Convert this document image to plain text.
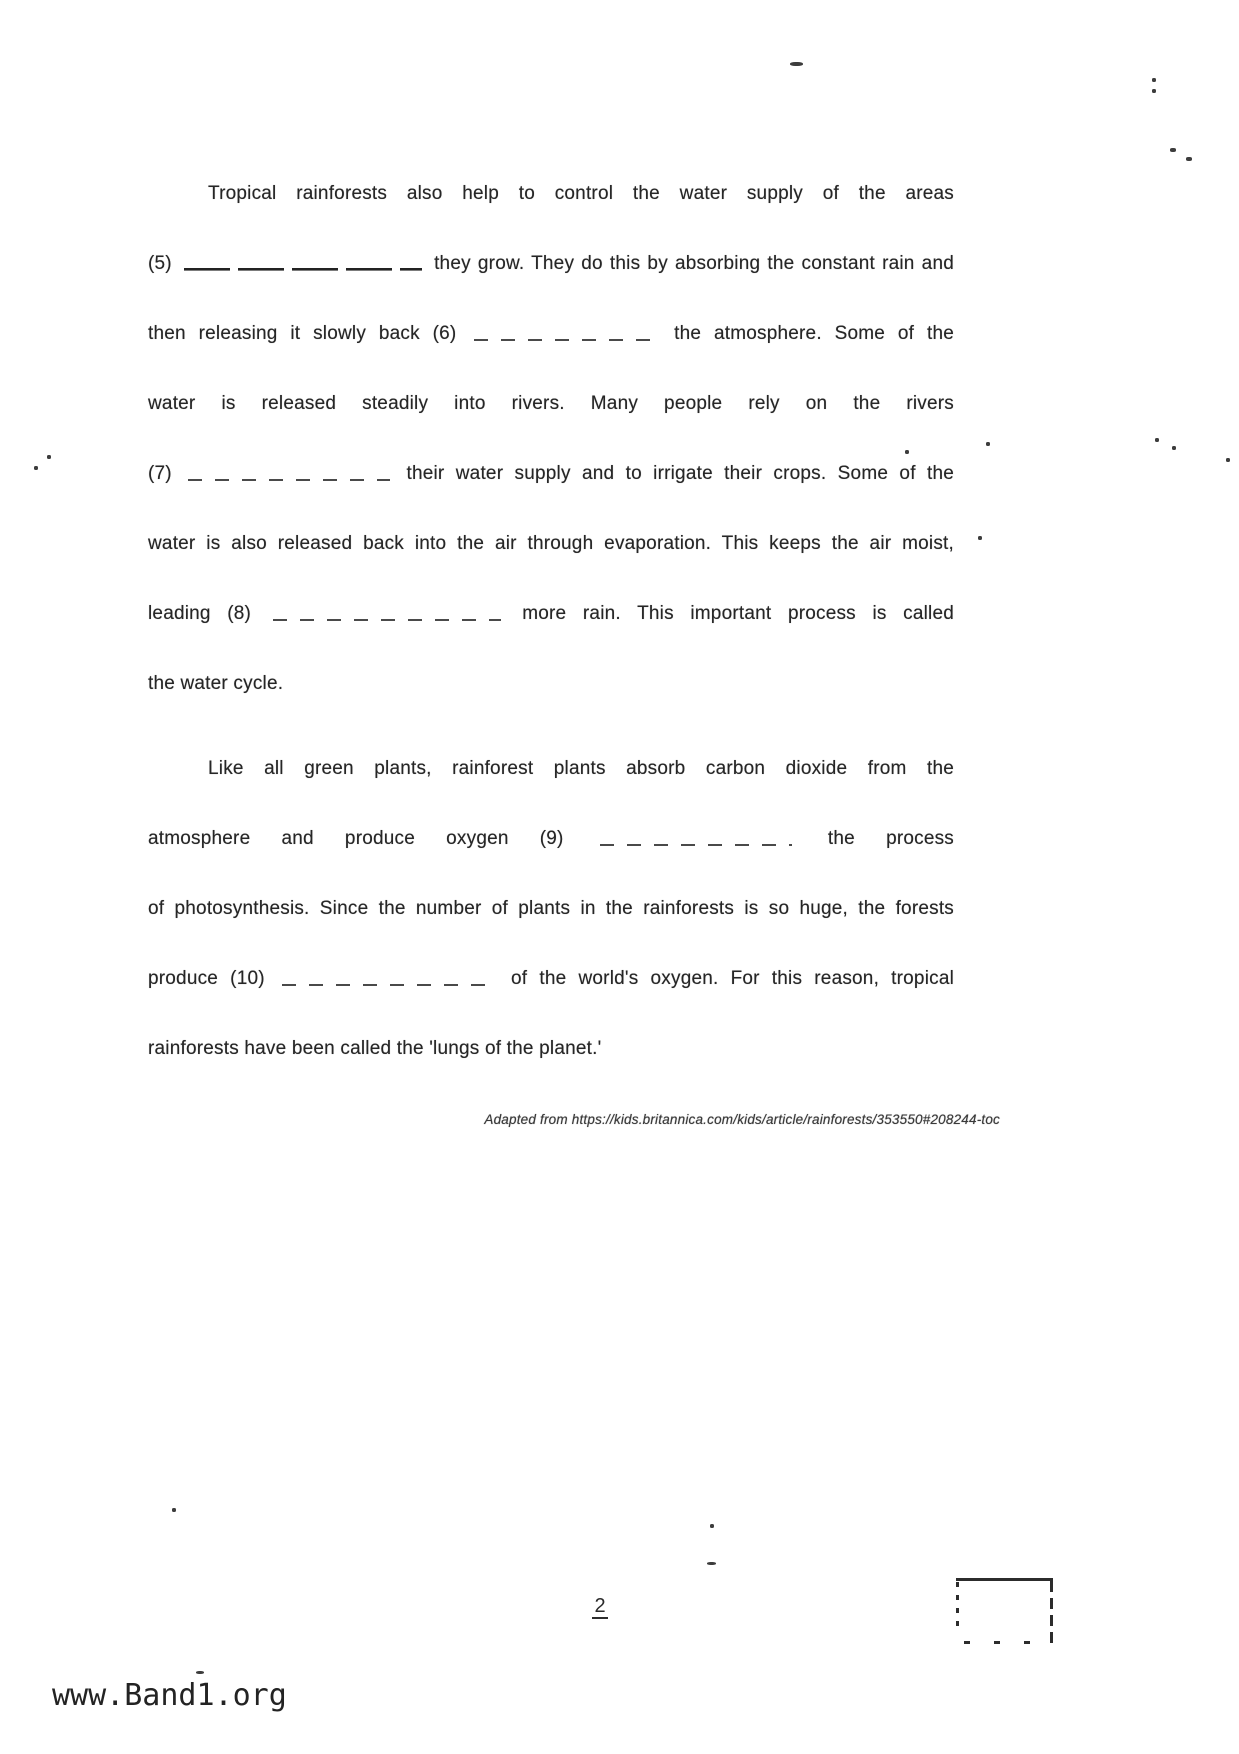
Tropical rainforests also help to control the water supply of the areas
(5)	they grow. They do this by absorbing the constant rain and
then releasing it slowly back (6)	the atmosphere. Some of the
water is released steadily into rivers. Many people rely on the rivers
(7)	their water supply and to irrigate their crops. Some of the
water is also released back into the air through evaporation. This keeps the air moist,
leading (8)	more rain. This important process is called
the water cycle.
Like all green plants, rainforest plants absorb carbon dioxide from the
atmosphere and produce oxygen (9)	the process
of photosynthesis. Since the number of plants in the rainforests is so huge, the forests
produce (10)	of the world's oxygen. For this reason, tropical
rainforests have been called the 'lungs of the planet.'
Adapted from https://kids.britannica.com/kids/article/rainforests/353550#208244-toc
2
www.Band1.org
